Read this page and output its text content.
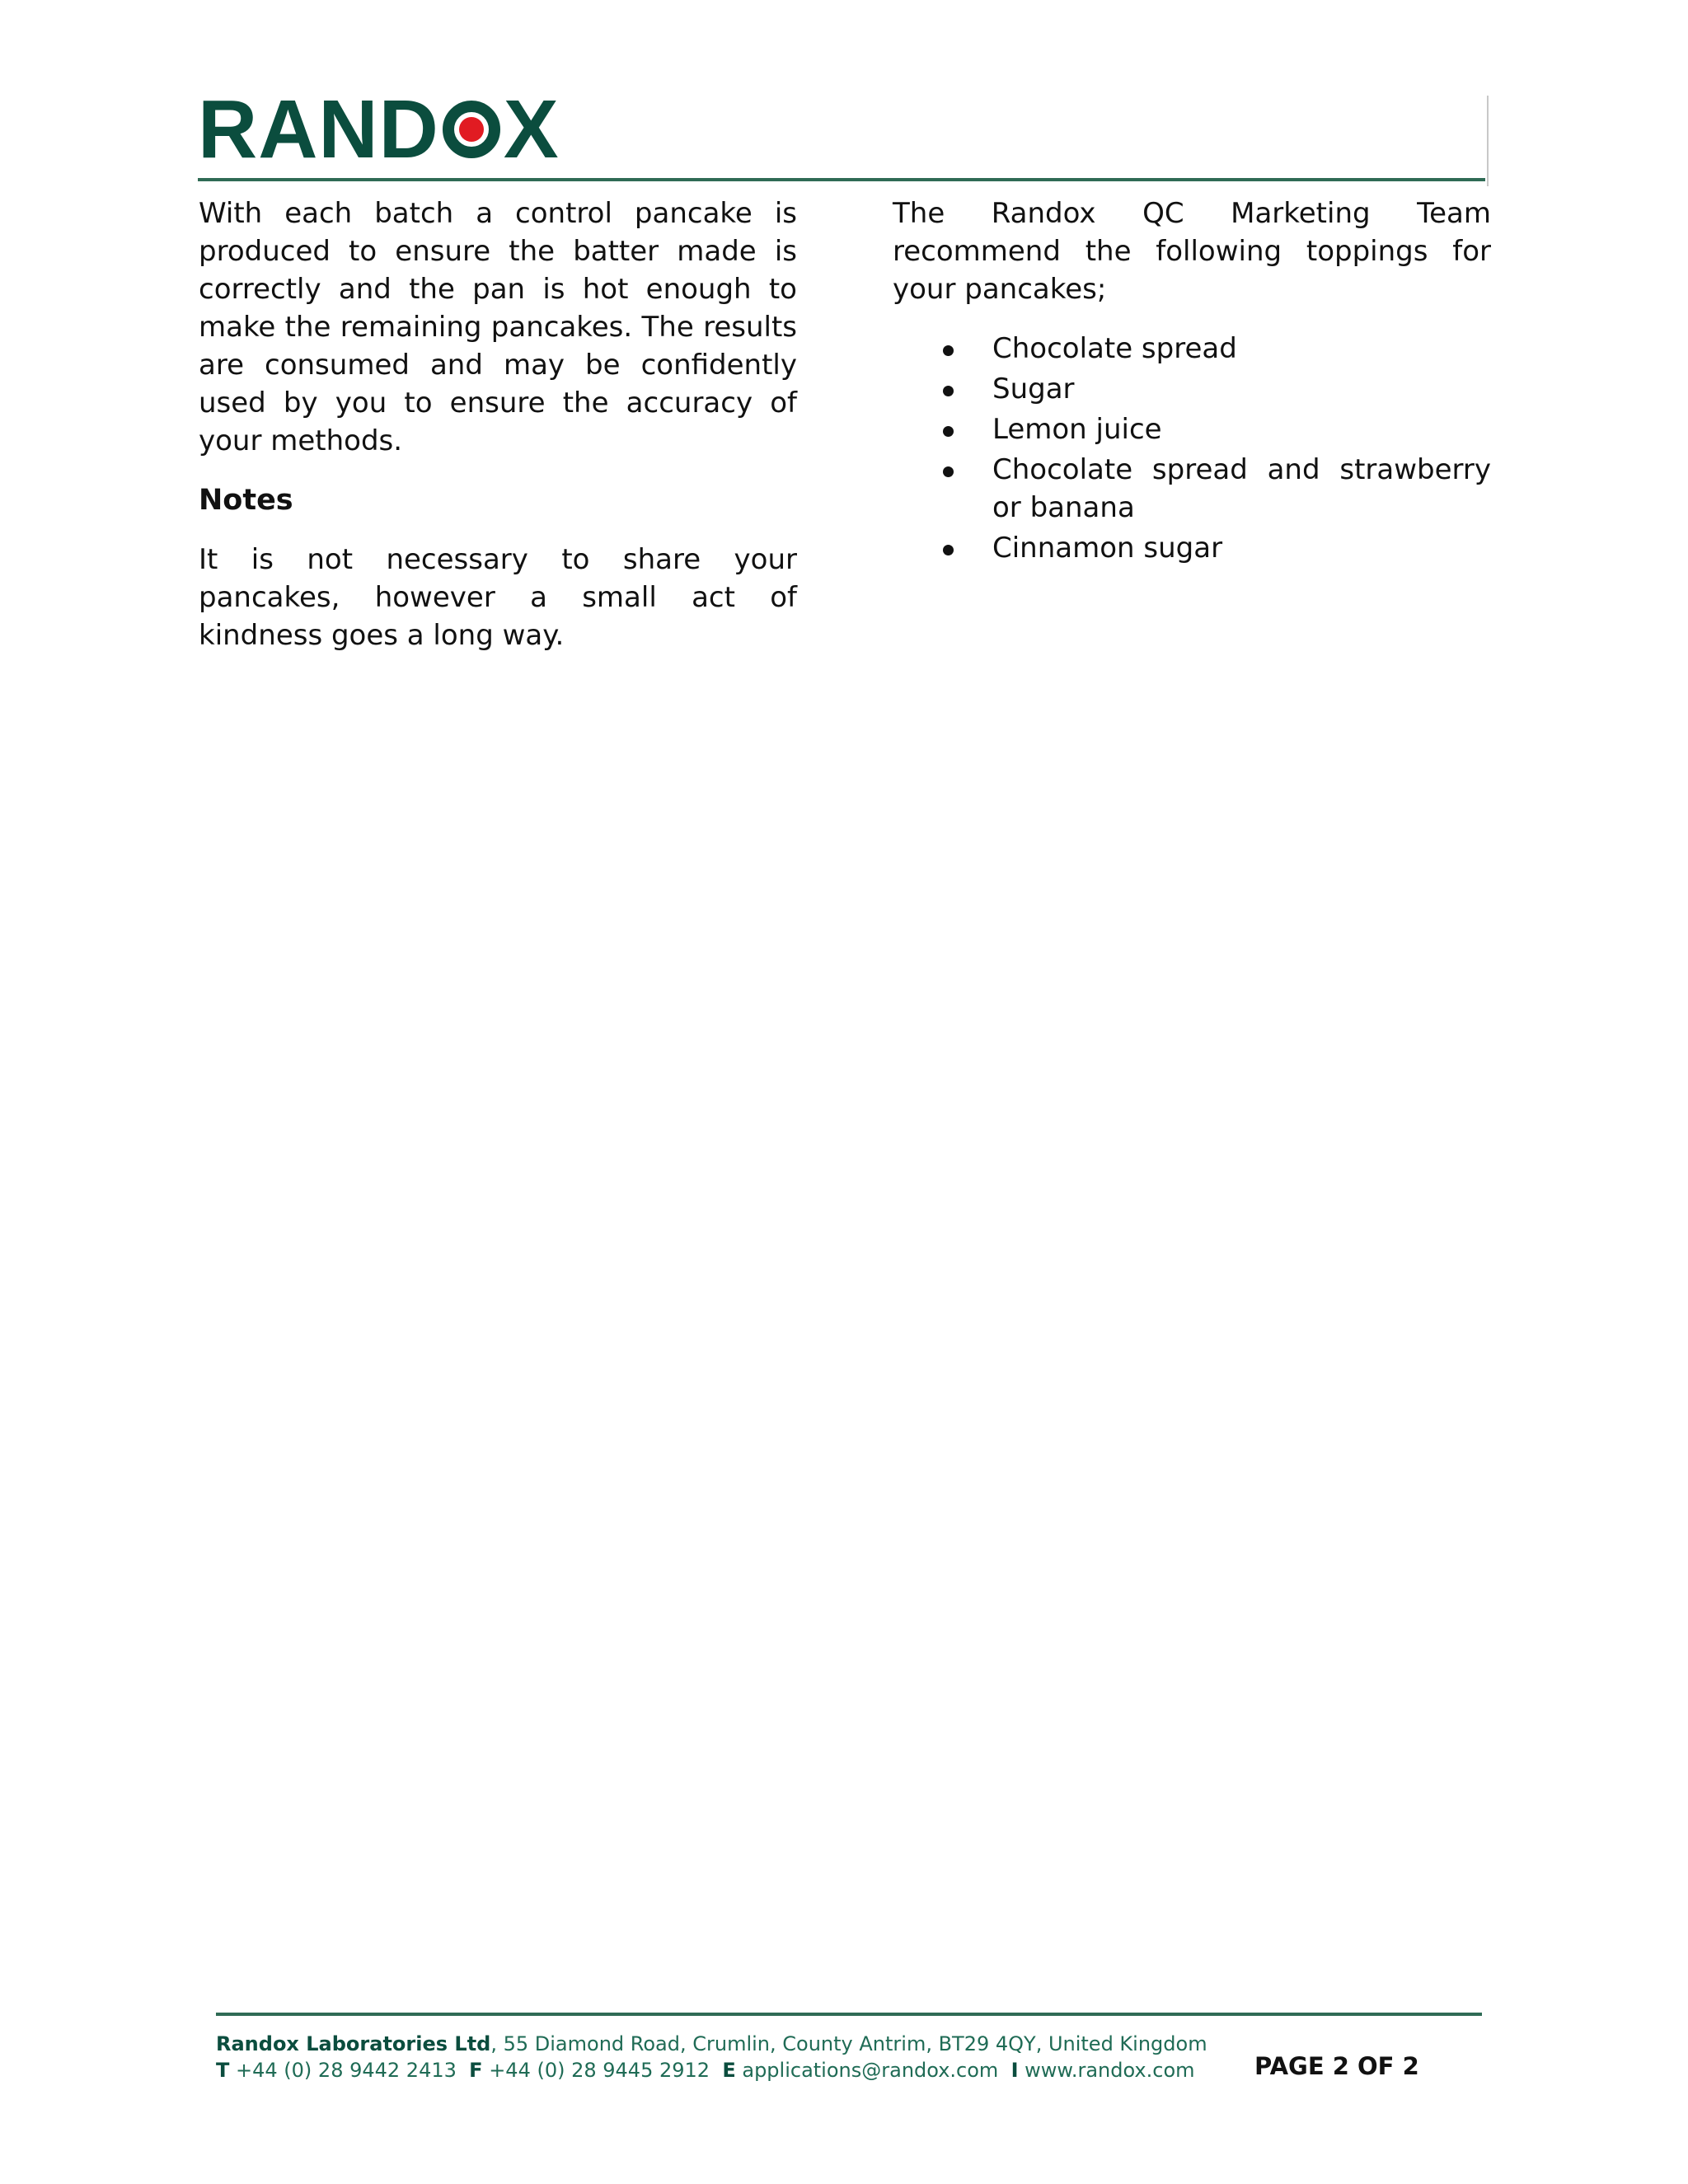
RAND X

With each batch a control pancake is produced to ensure the batter made is correctly and the pan is hot enough to make the remaining pancakes. The results are consumed and may be confidently used by you to ensure the accuracy of your methods.

Notes

It is not necessary to share your pancakes, however a small act of kindness goes a long way.

The Randox QC Marketing Team recommend the following toppings for your pancakes;

Chocolate spread
Sugar
Lemon juice
Chocolate spread and strawberry or banana
Cinnamon sugar
Randox Laboratories Ltd, 55 Diamond Road, Crumlin, County Antrim, BT29 4QY, United Kingdom
T +44 (0) 28 9442 2413 F +44 (0) 28 9445 2912 E applications@randox.com I www.randox.com	PAGE 2 OF 2
